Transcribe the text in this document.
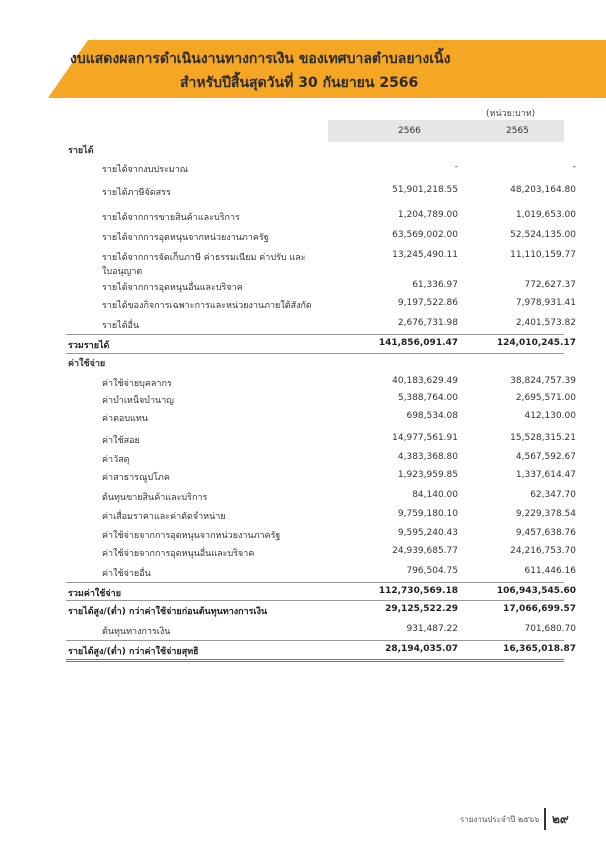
งบแสดงผลการดำเนินงานทางการเงิน ของเทศบาลตำบลยางเนิ้ง
สำหรับปีสิ้นสุดวันที่ 30 กันยายน 2566
(หน่วย:บาท)
2566	2565
รายได้
รายได้จากงบประมาณ	-	-
รายได้ภาษีจัดสรร	51,901,218.55	48,203,164.80
รายได้จากการขายสินค้าและบริการ	1,204,789.00	1,019,653.00
รายได้จากการอุดหนุนจากหน่วยงานภาครัฐ	63,569,002.00	52,524,135.00
รายได้จากการจัดเก็บภาษี ค่าธรรมเนียม ค่าปรับ และ	13,245,490.11	11,110,159.77
ใบอนุญาต
รายได้จากการอุดหนุนอื่นและบริจาค	61,336.97	772,627.37
รายได้ของกิจการเฉพาะการและหน่วยงานภายใต้สังกัด	9,197,522.86	7,978,931.41
รายได้อื่น	2,676,731.98	2,401,573.82
รวมรายได้	141,856,091.47	124,010,245.17
ค่าใช้จ่าย
ค่าใช้จ่ายบุคลากร	40,183,629.49	38,824,757.39
ค่าบำเหน็จบำนาญ	5,388,764.00	2,695,571.00
ค่าตอบแทน	698,534.08	412,130.00
ค่าใช้สอย	14,977,561.91	15,528,315.21
ค่าวัสดุ	4,383,368.80	4,567,592.67
ค่าสาธารณูปโภค	1,923,959.85	1,337,614.47
ต้นทุนขายสินค้าและบริการ	84,140.00	62,347.70
ค่าเสื่อมราคาและค่าตัดจำหน่าย	9,759,180.10	9,229,378.54
ค่าใช้จ่ายจากการอุดหนุนจากหน่วยงานภาครัฐ	9,595,240.43	9,457,638.76
ค่าใช้จ่ายจากการอุดหนุนอื่นและบริจาค	24,939,685.77	24,216,753.70
ค่าใช้จ่ายอื่น	796,504.75	611,446.16
รวมค่าใช้จ่าย	112,730,569.18	106,943,545.60
รายได้สูง/(ต่ำ) กว่าค่าใช้จ่ายก่อนต้นทุนทางการเงิน	29,125,522.29	17,066,699.57
ต้นทุนทางการเงิน	931,487.22	701,680.70
รายได้สูง/(ต่ำ) กว่าค่าใช้จ่ายสุทธิ	28,194,035.07	16,365,018.87
รายงานประจำปี ๒๕๖๖ ๒๙
